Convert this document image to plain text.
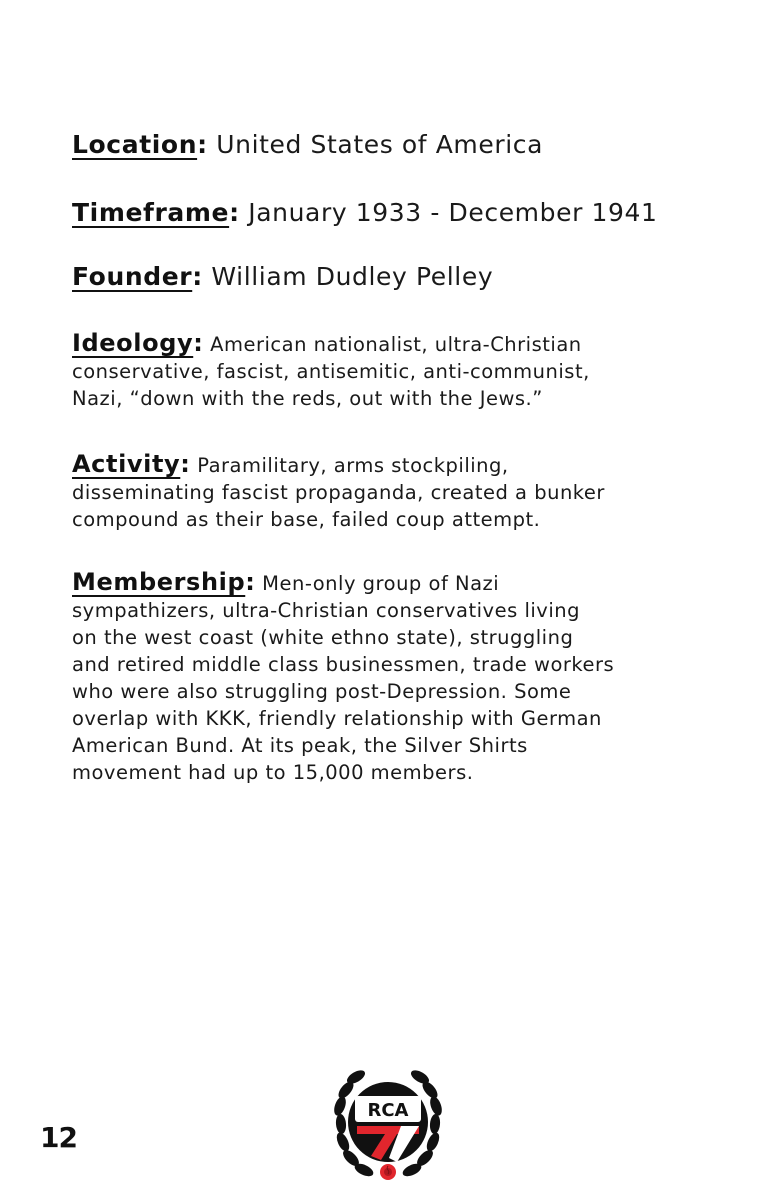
Location: United States of America
Timeframe: January 1933 - December 1941
Founder: William Dudley Pelley
Ideology: American nationalist, ultra-Christian
conservative, fascist, antisemitic, anti-communist,
Nazi, “down with the reds, out with the Jews.”
Activity: Paramilitary, arms stockpiling,
disseminating fascist propaganda, created a bunker
compound as their base, failed coup attempt.
Membership: Men-only group of Nazi
sympathizers, ultra-Christian conservatives living
on the west coast (white ethno state), struggling
and retired middle class businessmen, trade workers
who were also struggling post-Depression. Some
overlap with KKK, friendly relationship with German
American Bund. At its peak, the Silver Shirts
movement had up to 15,000 members.
12
RCA
